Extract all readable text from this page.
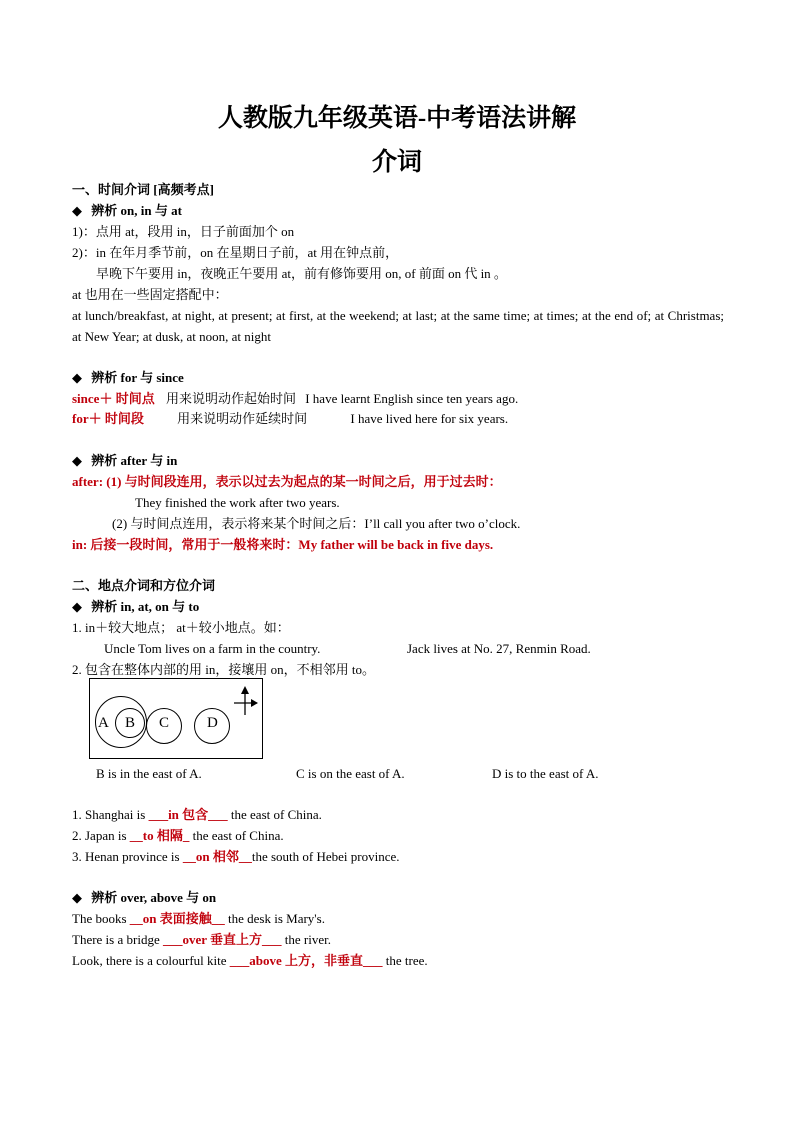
人教版九年级英语-中考语法讲解
介词
一、时间介词 [高频考点]
◆ 辨析 on, in 与 at
1)：点用 at，段用 in，日子前面加个 on
2)：in 在年月季节前，on 在星期日子前，at 用在钟点前，
早晚下午要用 in，夜晚正午要用 at，前有修饰要用 on, of 前面 on 代 in 。
at 也用在一些固定搭配中：
at lunch/breakfast, at night, at present; at first, at the weekend; at last; at the same time; at times; at the end of; at Christmas; at New Year; at dusk, at noon, at night
◆ 辨析 for 与 since
since＋ 时间点 用来说明动作起始时间 I have learnt English since ten years ago.
for＋ 时间段	用来说明动作延续时间	I have lived here for six years.
◆ 辨析 after 与 in
after: (1) 与时间段连用，表示以过去为起点的某一时间之后，用于过去时：
They finished the work after two years.
(2) 与时间点连用，表示将来某个时间之后：I’ll call you after two o’clock.
in: 后接一段时间，常用于一般将来时：My father will be back in five days.
二、地点介词和方位介词
◆ 辨析 in, at, on 与 to
1. in＋较大地点； at＋较小地点。如：
Uncle Tom lives on a farm in the country.	Jack lives at No. 27, Renmin Road.
2. 包含在整体内部的用 in，接壤用 on，不相邻用 to。
A B C	D
B is in the east of A.	C is on the east of A.	D is to the east of A.
1. Shanghai is ___in 包含___ the east of China.
2. Japan is __to 相隔_ the east of China.
3. Henan province is __on 相邻__the south of Hebei province.
◆ 辨析 over, above 与 on
The books __on 表面接触__ the desk is Mary's.
There is a bridge ___over 垂直上方___ the river.
Look, there is a colourful kite ___above 上方，非垂直___ the tree.
